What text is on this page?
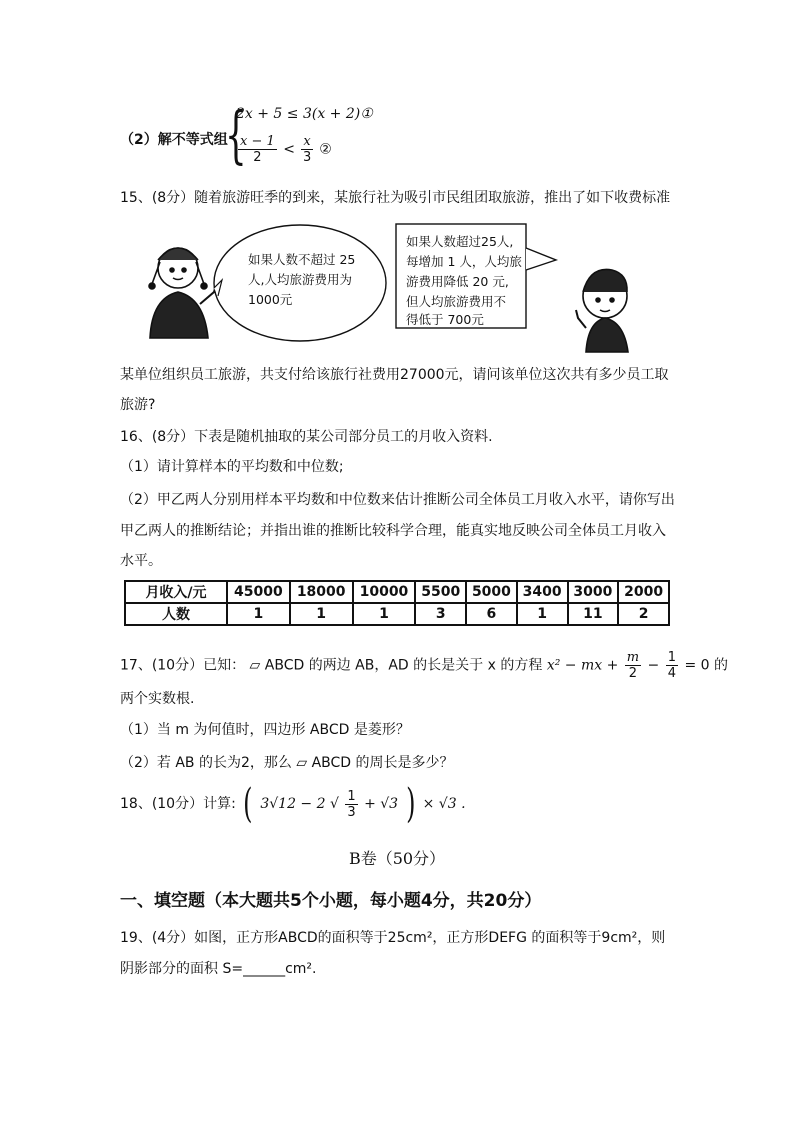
（2）解不等式组
{
2x + 5 ≤ 3(x + 2)①
$\frac{x - 1}{2} < \frac{x}{3}$ ②
15、(8分）随着旅游旺季的到来，某旅行社为吸引市民组团取旅游，推出了如下收费标准
如果人数不超过 25
人,人均旅游费用为
1000元
如果人数超过25人,
每增加 1 人，人均旅
游费用降低 20 元,
但人均旅游费用不
得低于 700元
某单位组织员工旅游，共支付给该旅行社费用27000元，请问该单位这次共有多少员工取
旅游?
16、(8分）下表是随机抽取的某公司部分员工的月收入资料.
（1）请计算样本的平均数和中位数;
（2）甲乙两人分别用样本平均数和中位数来估计推断公司全体员工月收入水平，请你写出
甲乙两人的推断结论；并指出谁的推断比较科学合理，能真实地反映公司全体员工月收入
水平。
月收入/元	45000	18000	10000	5500	5000	3400	3000	2000
人数	1	1	1	3	6	1	11	2
17、(10分）已知： ▱ ABCD 的两边 AB，AD 的长是关于 x 的方程 x² − mx + $\frac{m}{2} - \frac{1}{4} = 0$ 的
两个实数根.
（1）当 m 为何值时，四边形 ABCD 是菱形？
（2）若 AB 的长为2，那么 ▱ ABCD 的周长是多少？
18、(10分）计算: ( 3√12 − 2 √ $\frac{1}{3} + √3$ ) × √3 .
B卷（50分）
一、填空题（本大题共5个小题，每小题4分，共20分）
19、(4分）如图，正方形ABCD的面积等于25cm²，正方形DEFG 的面积等于9cm²，则
阴影部分的面积 S=______cm².
